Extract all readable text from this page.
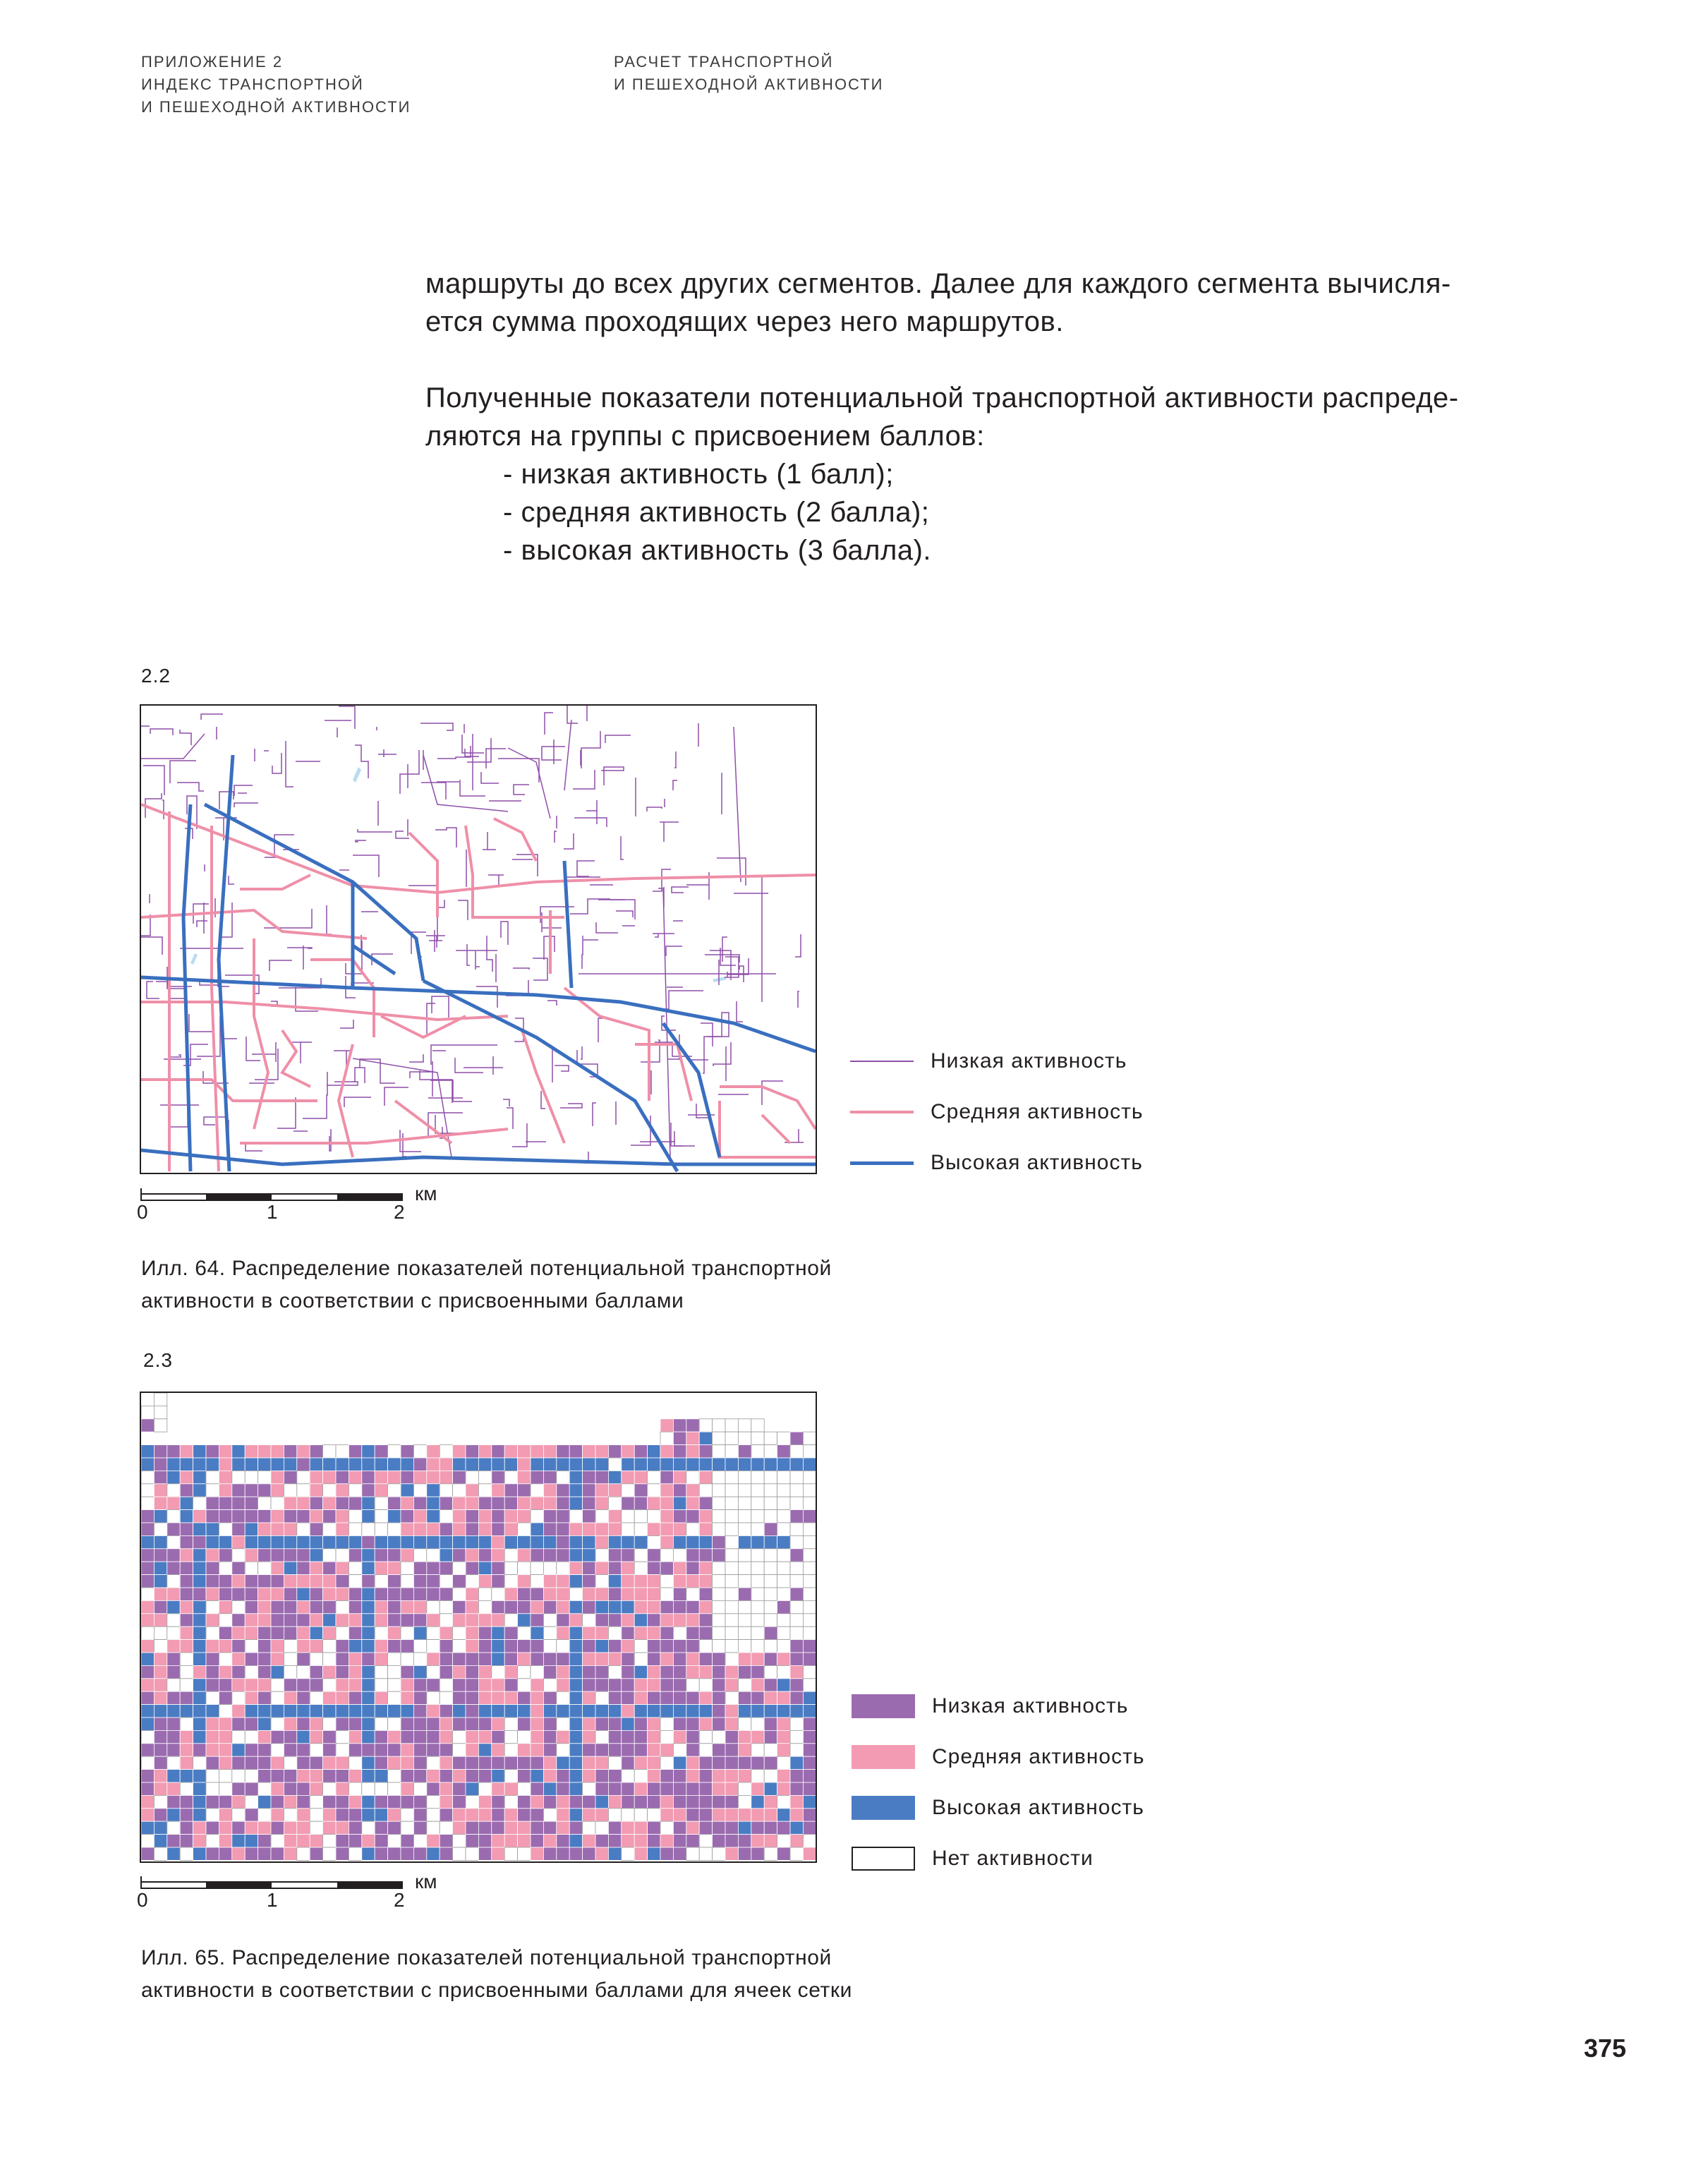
ПРИЛОЖЕНИЕ 2
ИНДЕКС ТРАНСПОРТНОЙ
И ПЕШЕХОДНОЙ АКТИВНОСТИ
РАСЧЕТ ТРАНСПОРТНОЙ
И ПЕШЕХОДНОЙ АКТИВНОСТИ

маршруты до всех других сегментов. Далее для каждого сегмента вычисля-

ется сумма проходящих через него маршрутов.

Полученные показатели потенциальной транспортной активности распреде-

ляются на группы с присвоением баллов:

- низкая активность (1 балл);
- средняя активность (2 балла);
- высокая активность (3 балла).
2.2
Низкая активность
Средняя активность
Высокая активность
0	1	2
км
Илл. 64. Распределение показателей потенциальной транспортной
активности в соответствии с присвоенными баллами
2.3
Низкая активность
Средняя активность
Высокая активность
Нет активности
0	1	2
км
Илл. 65. Распределение показателей потенциальной транспортной
активности в соответствии с присвоенными баллами для ячеек сетки
375
